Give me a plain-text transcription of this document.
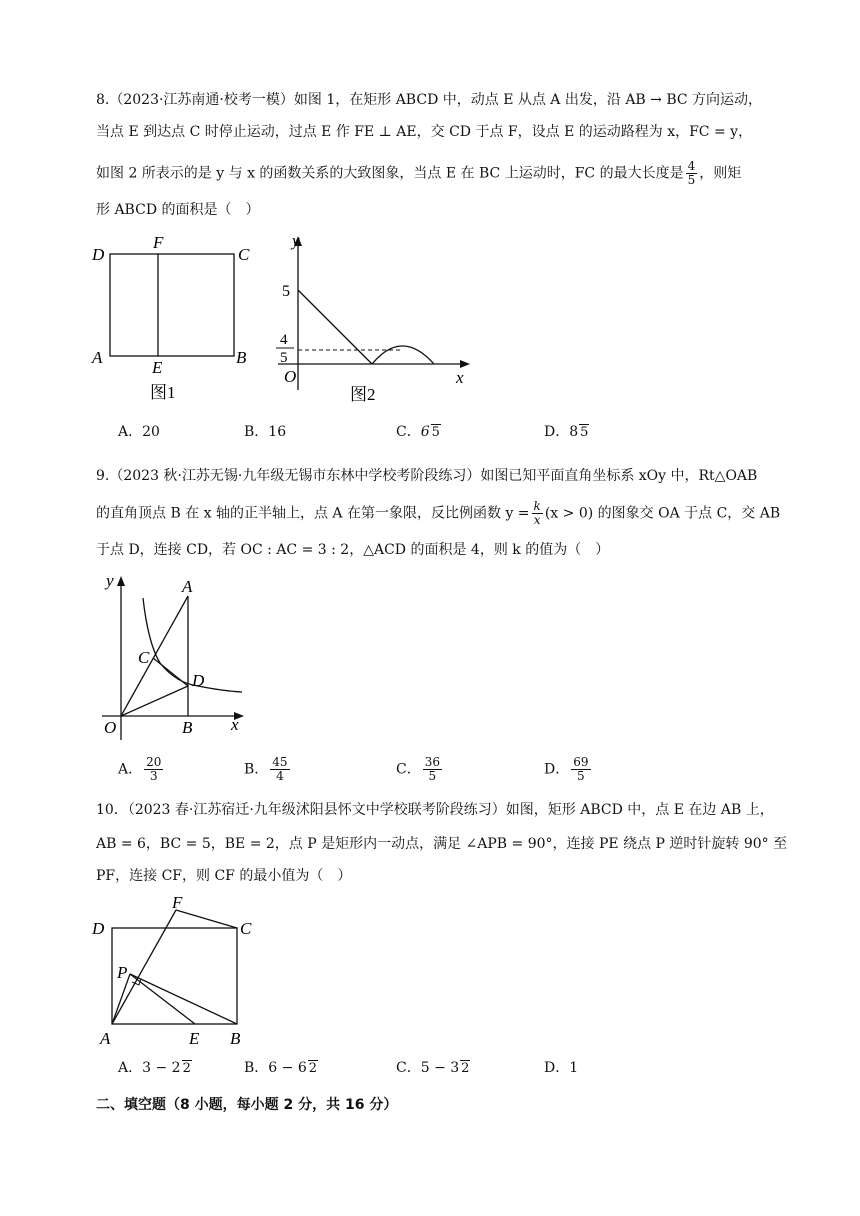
8.（2023·江苏南通·校考一模）如图 1，在矩形 ABCD 中，动点 E 从点 A 出发，沿 AB → BC 方向运动，
当点 E 到达点 C 时停止运动，过点 E 作 FE ⊥ AE，交 CD 于点 F，设点 E 的运动路程为 x，FC = y，
如图 2 所表示的是 y 与 x 的函数关系的大致图象，当点 E 在 BC 上运动时，FC 的最大长度是 $\frac{4}{5}$ ，则矩
形 ABCD 的面积是（　）
D
F
C
A
E
B
图1
y
x
O
5
4
5
图2
A．20	B．16	C．6 5	D．8 5
9.（2023 秋·江苏无锡·九年级无锡市东林中学校考阶段练习）如图已知平面直角坐标系 xOy 中，Rt△OAB
的直角顶点 B 在 x 轴的正半轴上，点 A 在第一象限，反比例函数 $y = \frac{k}{x} (x > 0)$ 的图象交 OA 于点 C，交 AB
于点 D，连接 CD，若 OC : AC = 3 : 2，△ACD 的面积是 4，则 k 的值为（　）
y	A
C
D
O	B x
A． $\frac{20}{3}$	B． $\frac{45}{4}$	C． $\frac{36}{5}$	D． $\frac{69}{5}$
10．（2023 春·江苏宿迁·九年级沭阳县怀文中学校联考阶段练习）如图，矩形 ABCD 中，点 E 在边 AB 上，
AB = 6，BC = 5，BE = 2，点 P 是矩形内一动点，满足 ∠APB = 90°，连接 PE 绕点 P 逆时针旋转 90° 至
PF，连接 CF，则 CF 的最小值为（　）
F
D	C
P
A	E B
A．3 − 2 2	B．6 − 6 2	C．5 − 3 2	D．1
二、填空题（8 小题，每小题 2 分，共 16 分）
